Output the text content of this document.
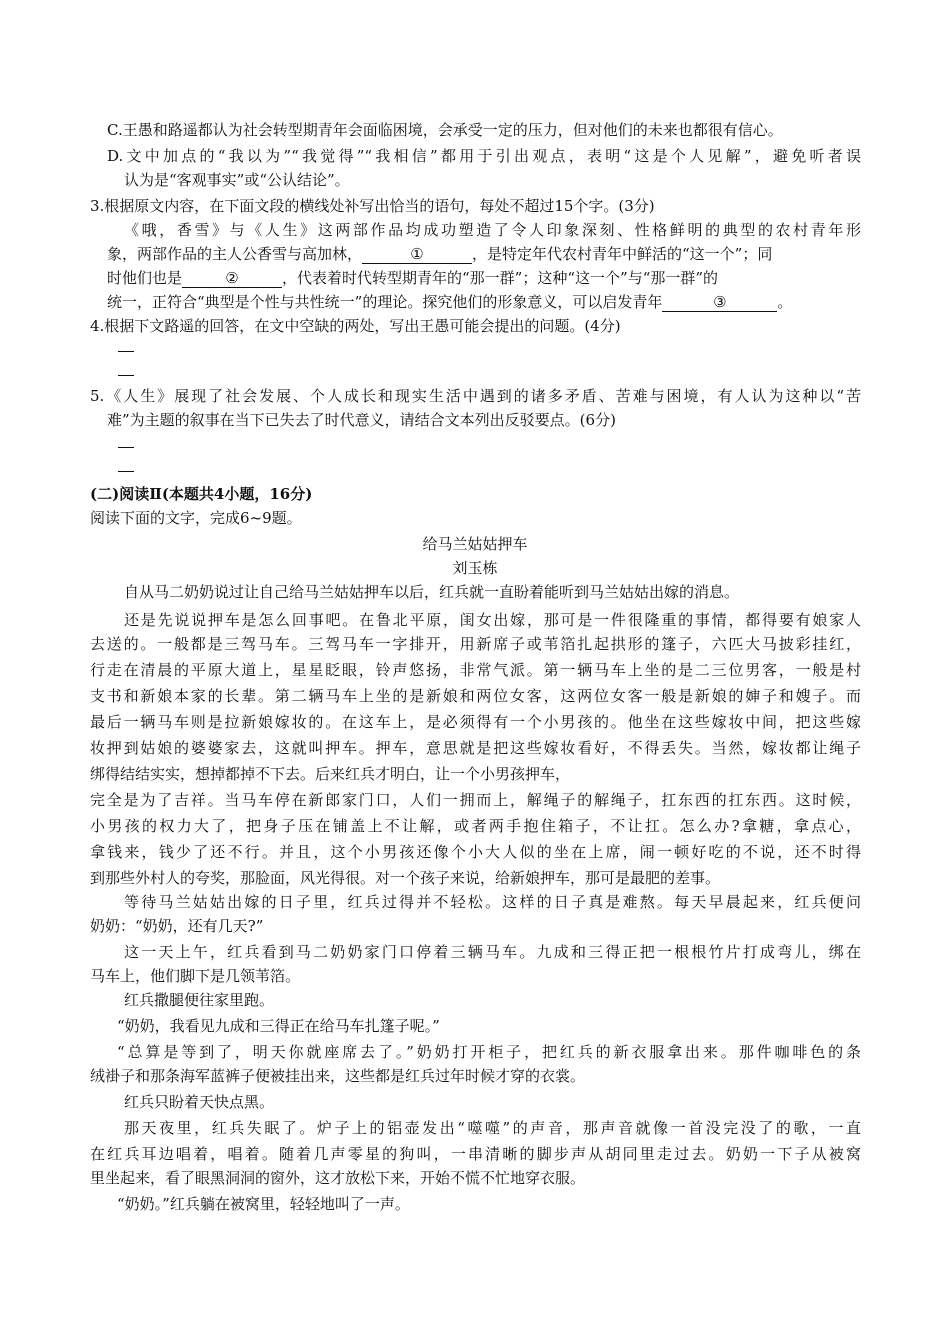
C.王愚和路遥都认为社会转型期青年会面临困境，会承受一定的压力，但对他们的未来也都很有信心。
D.文中加点的“我以为”“我觉得”“我相信”都用于引出观点，表明“这是个人见解”，避免听者误
认为是“客观事实”或“公认结论”。
3.根据原文内容，在下面文段的横线处补写出恰当的语句，每处不超过15个字。(3分)
《哦，香雪》与《人生》这两部作品均成功塑造了令人印象深刻、性格鲜明的典型的农村青年形
象，两部作品的主人公香雪与高加林，	①	，是特定年代农村青年中鲜活的“这一个”；同
时他们也是	②	，代表着时代转型期青年的“那一群”；这种“这一个”与“那一群”的
统一，正符合“典型是个性与共性统一”的理论。探究他们的形象意义，可以启发青年	③	。
4.根据下文路遥的回答，在文中空缺的两处，写出王愚可能会提出的问题。(4分)
5.《人生》展现了社会发展、个人成长和现实生活中遇到的诸多矛盾、苦难与困境，有人认为这种以“苦
难”为主题的叙事在当下已失去了时代意义，请结合文本列出反驳要点。(6分)
(二)阅读Ⅱ(本题共4小题，16分)
阅读下面的文字，完成6~9题。
给马兰姑姑押车
刘玉栋
自从马二奶奶说过让自己给马兰姑姑押车以后，红兵就一直盼着能听到马兰姑姑出嫁的消息。
还是先说说押车是怎么回事吧。在鲁北平原，闺女出嫁，那可是一件很隆重的事情，都得要有娘家人
去送的。一般都是三驾马车。三驾马车一字排开，用新席子或苇箔扎起拱形的篷子，六匹大马披彩挂红，
行走在清晨的平原大道上，星星眨眼，铃声悠扬，非常气派。第一辆马车上坐的是二三位男客，一般是村
支书和新娘本家的长辈。第二辆马车上坐的是新娘和两位女客，这两位女客一般是新娘的婶子和嫂子。而
最后一辆马车则是拉新娘嫁妆的。在这车上，是必须得有一个小男孩的。他坐在这些嫁妆中间，把这些嫁
妆押到姑娘的婆婆家去，这就叫押车。押车，意思就是把这些嫁妆看好，不得丢失。当然，嫁妆都让绳子
绑得结结实实，想掉都掉不下去。后来红兵才明白，让一个小男孩押车，
完全是为了吉祥。当马车停在新郎家门口，人们一拥而上，解绳子的解绳子，扛东西的扛东西。这时候，
小男孩的权力大了，把身子压在铺盖上不让解，或者两手抱住箱子，不让扛。怎么办?拿糖，拿点心，
拿钱来，钱少了还不行。并且，这个小男孩还像个小大人似的坐在上席，闹一顿好吃的不说，还不时得
到那些外村人的夸奖，那脸面，风光得很。对一个孩子来说，给新娘押车，那可是最肥的差事。
等待马兰姑姑出嫁的日子里，红兵过得并不轻松。这样的日子真是难熬。每天早晨起来，红兵便问
奶奶：“奶奶，还有几天?”
这一天上午，红兵看到马二奶奶家门口停着三辆马车。九成和三得正把一根根竹片打成弯儿，绑在
马车上，他们脚下是几领苇箔。
红兵撒腿便往家里跑。
“奶奶，我看见九成和三得正在给马车扎篷子呢。”
“总算是等到了，明天你就座席去了。”奶奶打开柜子，把红兵的新衣服拿出来。那件咖啡色的条
绒褂子和那条海军蓝裤子便被挂出来，这些都是红兵过年时候才穿的衣裳。
红兵只盼着天快点黑。
那天夜里，红兵失眠了。炉子上的铝壶发出“噬噬”的声音，那声音就像一首没完没了的歌，一直
在红兵耳边唱着，唱着。随着几声零星的狗叫，一串清晰的脚步声从胡同里走过去。奶奶一下子从被窝
里坐起来，看了眼黑洞洞的窗外，这才放松下来，开始不慌不忙地穿衣服。
“奶奶。”红兵躺在被窝里，轻轻地叫了一声。
